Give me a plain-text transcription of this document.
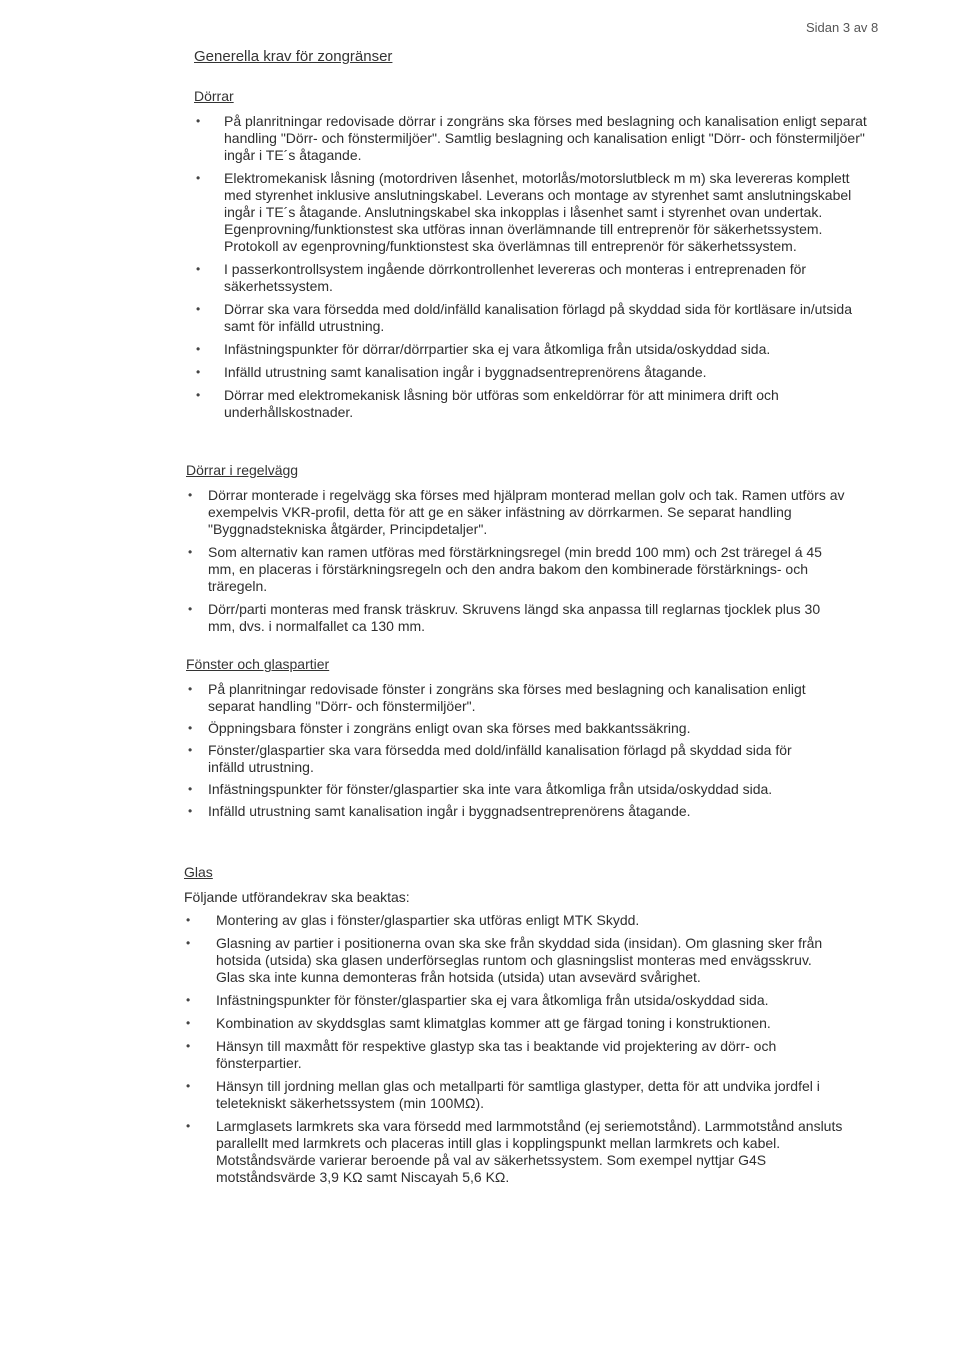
Sidan 3 av 8
Generella krav för zongränser
Dörrar
• På planritningar redovisade dörrar i zongräns ska förses med beslagning och kanalisation enligt separat handling "Dörr- och fönstermiljöer". Samtlig beslagning och kanalisation enligt "Dörr- och fönstermiljöer" ingår i TE´s åtagande.
• Elektromekanisk låsning (motordriven låsenhet, motorlås/motorslutbleck m m) ska levereras komplett med styrenhet inklusive anslutningskabel. Leverans och montage av styrenhet samt anslutningskabel ingår i TE´s åtagande. Anslutningskabel ska inkopplas i låsenhet samt i styrenhet ovan undertak. Egenprovning/funktionstest ska utföras innan överlämnande till entreprenör för säkerhetssystem. Protokoll av egenprovning/funktionstest ska överlämnas till entreprenör för säkerhetssystem.
• I passerkontrollsystem ingående dörrkontrollenhet levereras och monteras i entreprenaden för säkerhetssystem.
• Dörrar ska vara försedda med dold/infälld kanalisation förlagd på skyddad sida för kortläsare in/utsida samt för infälld utrustning.
• Infästningspunkter för dörrar/dörrpartier ska ej vara åtkomliga från utsida/oskyddad sida.
• Infälld utrustning samt kanalisation ingår i byggnadsentreprenörens åtagande.
• Dörrar med elektromekanisk låsning bör utföras som enkeldörrar för att minimera drift och underhållskostnader.
Dörrar i regelvägg
• Dörrar monterade i regelvägg ska förses med hjälpram monterad mellan golv och tak. Ramen utförs av exempelvis VKR-profil, detta för att ge en säker infästning av dörrkarmen. Se separat handling "Byggnadstekniska åtgärder, Principdetaljer".
• Som alternativ kan ramen utföras med förstärkningsregel (min bredd 100 mm) och 2st träregel á 45 mm, en placeras i förstärkningsregeln och den andra bakom den kombinerade förstärknings- och träregeln.
• Dörr/parti monteras med fransk träskruv. Skruvens längd ska anpassa till reglarnas tjocklek plus 30 mm, dvs. i normalfallet ca 130 mm.
Fönster och glaspartier
• På planritningar redovisade fönster i zongräns ska förses med beslagning och kanalisation enligt separat handling "Dörr- och fönstermiljöer".
• Öppningsbara fönster i zongräns enligt ovan ska förses med bakkantssäkring.
• Fönster/glaspartier ska vara försedda med dold/infälld kanalisation förlagd på skyddad sida för infälld utrustning.
• Infästningspunkter för fönster/glaspartier ska inte vara åtkomliga från utsida/oskyddad sida.
• Infälld utrustning samt kanalisation ingår i byggnadsentreprenörens åtagande.
Glas

Följande utförandekrav ska beaktas:

• Montering av glas i fönster/glaspartier ska utföras enligt MTK Skydd.
• Glasning av partier i positionerna ovan ska ske från skyddad sida (insidan). Om glasning sker från hotsida (utsida) ska glasen underförseglas runtom och glasningslist monteras med envägsskruv. Glas ska inte kunna demonteras från hotsida (utsida) utan avsevärd svårighet.
• Infästningspunkter för fönster/glaspartier ska ej vara åtkomliga från utsida/oskyddad sida.
• Kombination av skyddsglas samt klimatglas kommer att ge färgad toning i konstruktionen.
• Hänsyn till maxmått för respektive glastyp ska tas i beaktande vid projektering av dörr- och fönsterpartier.
• Hänsyn till jordning mellan glas och metallparti för samtliga glastyper, detta för att undvika jordfel i teletekniskt säkerhetssystem (min 100MΩ).
• Larmglasets larmkrets ska vara försedd med larmmotstånd (ej seriemotstånd). Larmmotstånd ansluts parallellt med larmkrets och placeras intill glas i kopplingspunkt mellan larmkrets och kabel. Motståndsvärde varierar beroende på val av säkerhetssystem. Som exempel nyttjar G4S motståndsvärde 3,9 KΩ samt Niscayah 5,6 KΩ.
